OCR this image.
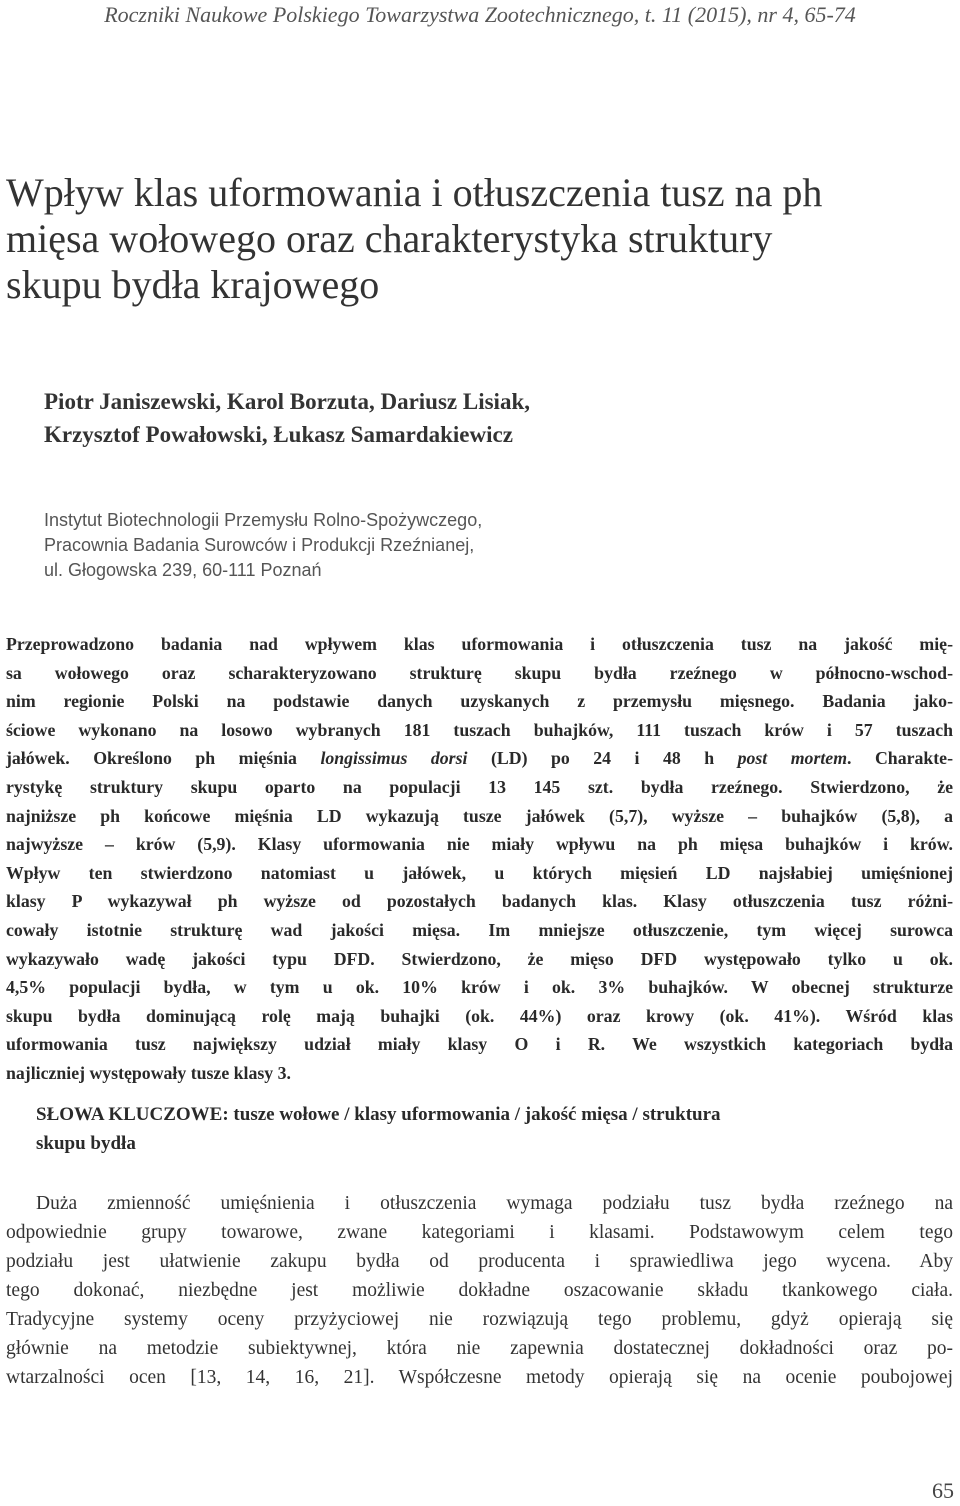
Roczniki Naukowe Polskiego Towarzystwa Zootechnicznego, t. 11 (2015), nr 4, 65-74
Wpływ klas uformowania i otłuszczenia tusz na ph
mięsa wołowego oraz charakterystyka struktury
skupu bydła krajowego
Piotr Janiszewski, Karol Borzuta, Dariusz Lisiak,
Krzysztof Powałowski, Łukasz Samardakiewicz
Instytut Biotechnologii Przemysłu Rolno-Spożywczego,
Pracownia Badania Surowców i Produkcji Rzeźnianej,
ul. Głogowska 239, 60-111 Poznań
Przeprowadzono badania nad wpływem klas uformowania i otłuszczenia tusz na jakość mię-
sa wołowego oraz scharakteryzowano strukturę skupu bydła rzeźnego w północno-wschod-
nim regionie Polski na podstawie danych uzyskanych z przemysłu mięsnego. Badania jako-
ściowe wykonano na losowo wybranych 181 tuszach buhajków, 111 tuszach krów i 57 tuszach
jałówek. Określono ph mięśnia longissimus dorsi (LD) po 24 i 48 h post mortem. Charakte-
rystykę struktury skupu oparto na populacji 13 145 szt. bydła rzeźnego. Stwierdzono, że
najniższe ph końcowe mięśnia LD wykazują tusze jałówek (5,7), wyższe – buhajków (5,8), a
najwyższe – krów (5,9). Klasy uformowania nie miały wpływu na ph mięsa buhajków i krów.
Wpływ ten stwierdzono natomiast u jałówek, u których mięsień LD najsłabiej umięśnionej
klasy P wykazywał ph wyższe od pozostałych badanych klas. Klasy otłuszczenia tusz różni-
cowały istotnie strukturę wad jakości mięsa. Im mniejsze otłuszczenie, tym więcej surowca
wykazywało wadę jakości typu DFD. Stwierdzono, że mięso DFD występowało tylko u ok.
4,5% populacji bydła, w tym u ok. 10% krów i ok. 3% buhajków. W obecnej strukturze
skupu bydła dominującą rolę mają buhajki (ok. 44%) oraz krowy (ok. 41%). Wśród klas
uformowania tusz największy udział miały klasy O i R. We wszystkich kategoriach bydła
najliczniej występowały tusze klasy 3.
SŁOWA KLUCZOWE: tusze wołowe / klasy uformowania / jakość mięsa / struktura
skupu bydła
Duża zmienność umięśnienia i otłuszczenia wymaga podziału tusz bydła rzeźnego na
odpowiednie grupy towarowe, zwane kategoriami i klasami. Podstawowym celem tego
podziału jest ułatwienie zakupu bydła od producenta i sprawiedliwa jego wycena. Aby
tego dokonać, niezbędne jest możliwie dokładne oszacowanie składu tkankowego ciała.
Tradycyjne systemy oceny przyżyciowej nie rozwiązują tego problemu, gdyż opierają się
głównie na metodzie subiektywnej, która nie zapewnia dostatecznej dokładności oraz po-
wtarzalności ocen [13, 14, 16, 21]. Współczesne metody opierają się na ocenie poubojowej
65
